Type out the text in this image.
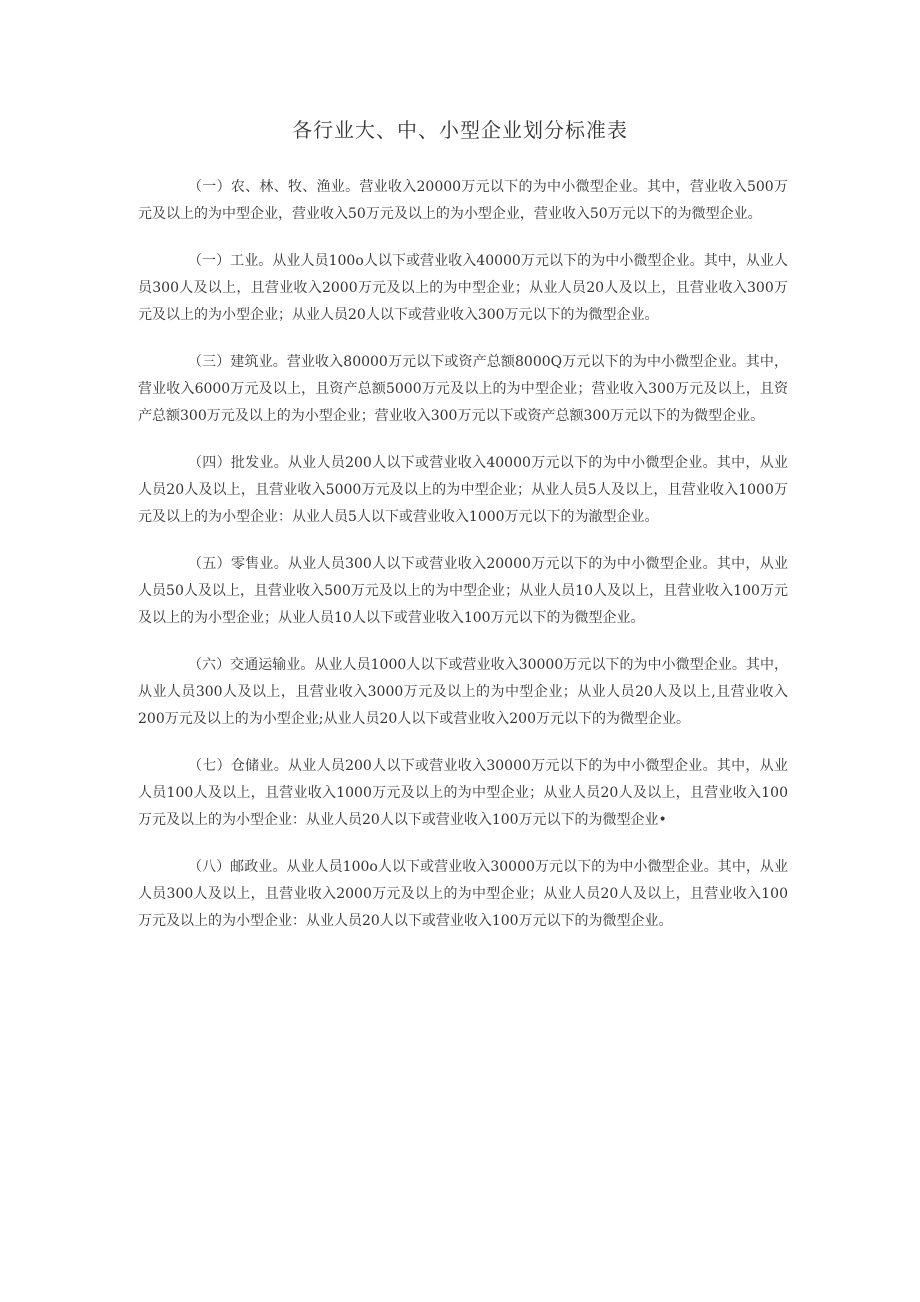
各行业大、中、小型企业划分标准表

（一）农、林、牧、渔业。营业收入20000万元以下的为中小微型企业。其中，营业收入500万元及以上的为中型企业，营业收入50万元及以上的为小型企业，营业收入50万元以下的为微型企业。

（一）工业。从业人员100o人以下或营业收入40000万元以下的为中小微型企业。其中，从业人员300人及以上，且营业收入2000万元及以上的为中型企业；从业人员20人及以上，且营业收入300万元及以上的为小型企业；从业人员20人以下或营业收入300万元以下的为微型企业。

（三）建筑业。营业收入80000万元以下或资产总额8000Q万元以下的为中小微型企业。其中，营业收入6000万元及以上，且资产总额5000万元及以上的为中型企业；营业收入300万元及以上，且资产总额300万元及以上的为小型企业；营业收入300万元以下或资产总额300万元以下的为微型企业。

（四）批发业。从业人员200人以下或营业收入40000万元以下的为中小微型企业。其中，从业人员20人及以上，且营业收入5000万元及以上的为中型企业；从业人员5人及以上，且营业收入1000万元及以上的为小型企业：从业人员5人以下或营业收入1000万元以下的为澈型企业。

（五）零售业。从业人员300人以下或营业收入20000万元以下的为中小微型企业。其中，从业人员50人及以上，且营业收入500万元及以上的为中型企业；从业人员10人及以上，且营业收入100万元及以上的为小型企业；从业人员10人以下或营业收入100万元以下的为微型企业。

（六）交通运输业。从业人员1000人以下或营业收入30000万元以下的为中小微型企业。其中，从业人员300人及以上，且营业收入3000万元及以上的为中型企业；从业人员20人及以上,且营业收入200万元及以上的为小型企业;从业人员20人以下或营业收入200万元以下的为微型企业。

（七）仓储业。从业人员200人以下或营业收入30000万元以下的为中小微型企业。其中，从业人员100人及以上，且营业收入1000万元及以上的为中型企业；从业人员20人及以上，且营业收入100万元及以上的为小型企业：从业人员20人以下或营业收入100万元以下的为微型企业•

（八）邮政业。从业人员100o人以下或营业收入30000万元以下的为中小微型企业。其中，从业人员300人及以上，且营业收入2000万元及以上的为中型企业；从业人员20人及以上，且营业收入100万元及以上的为小型企业：从业人员20人以下或营业收入100万元以下的为微型企业。
